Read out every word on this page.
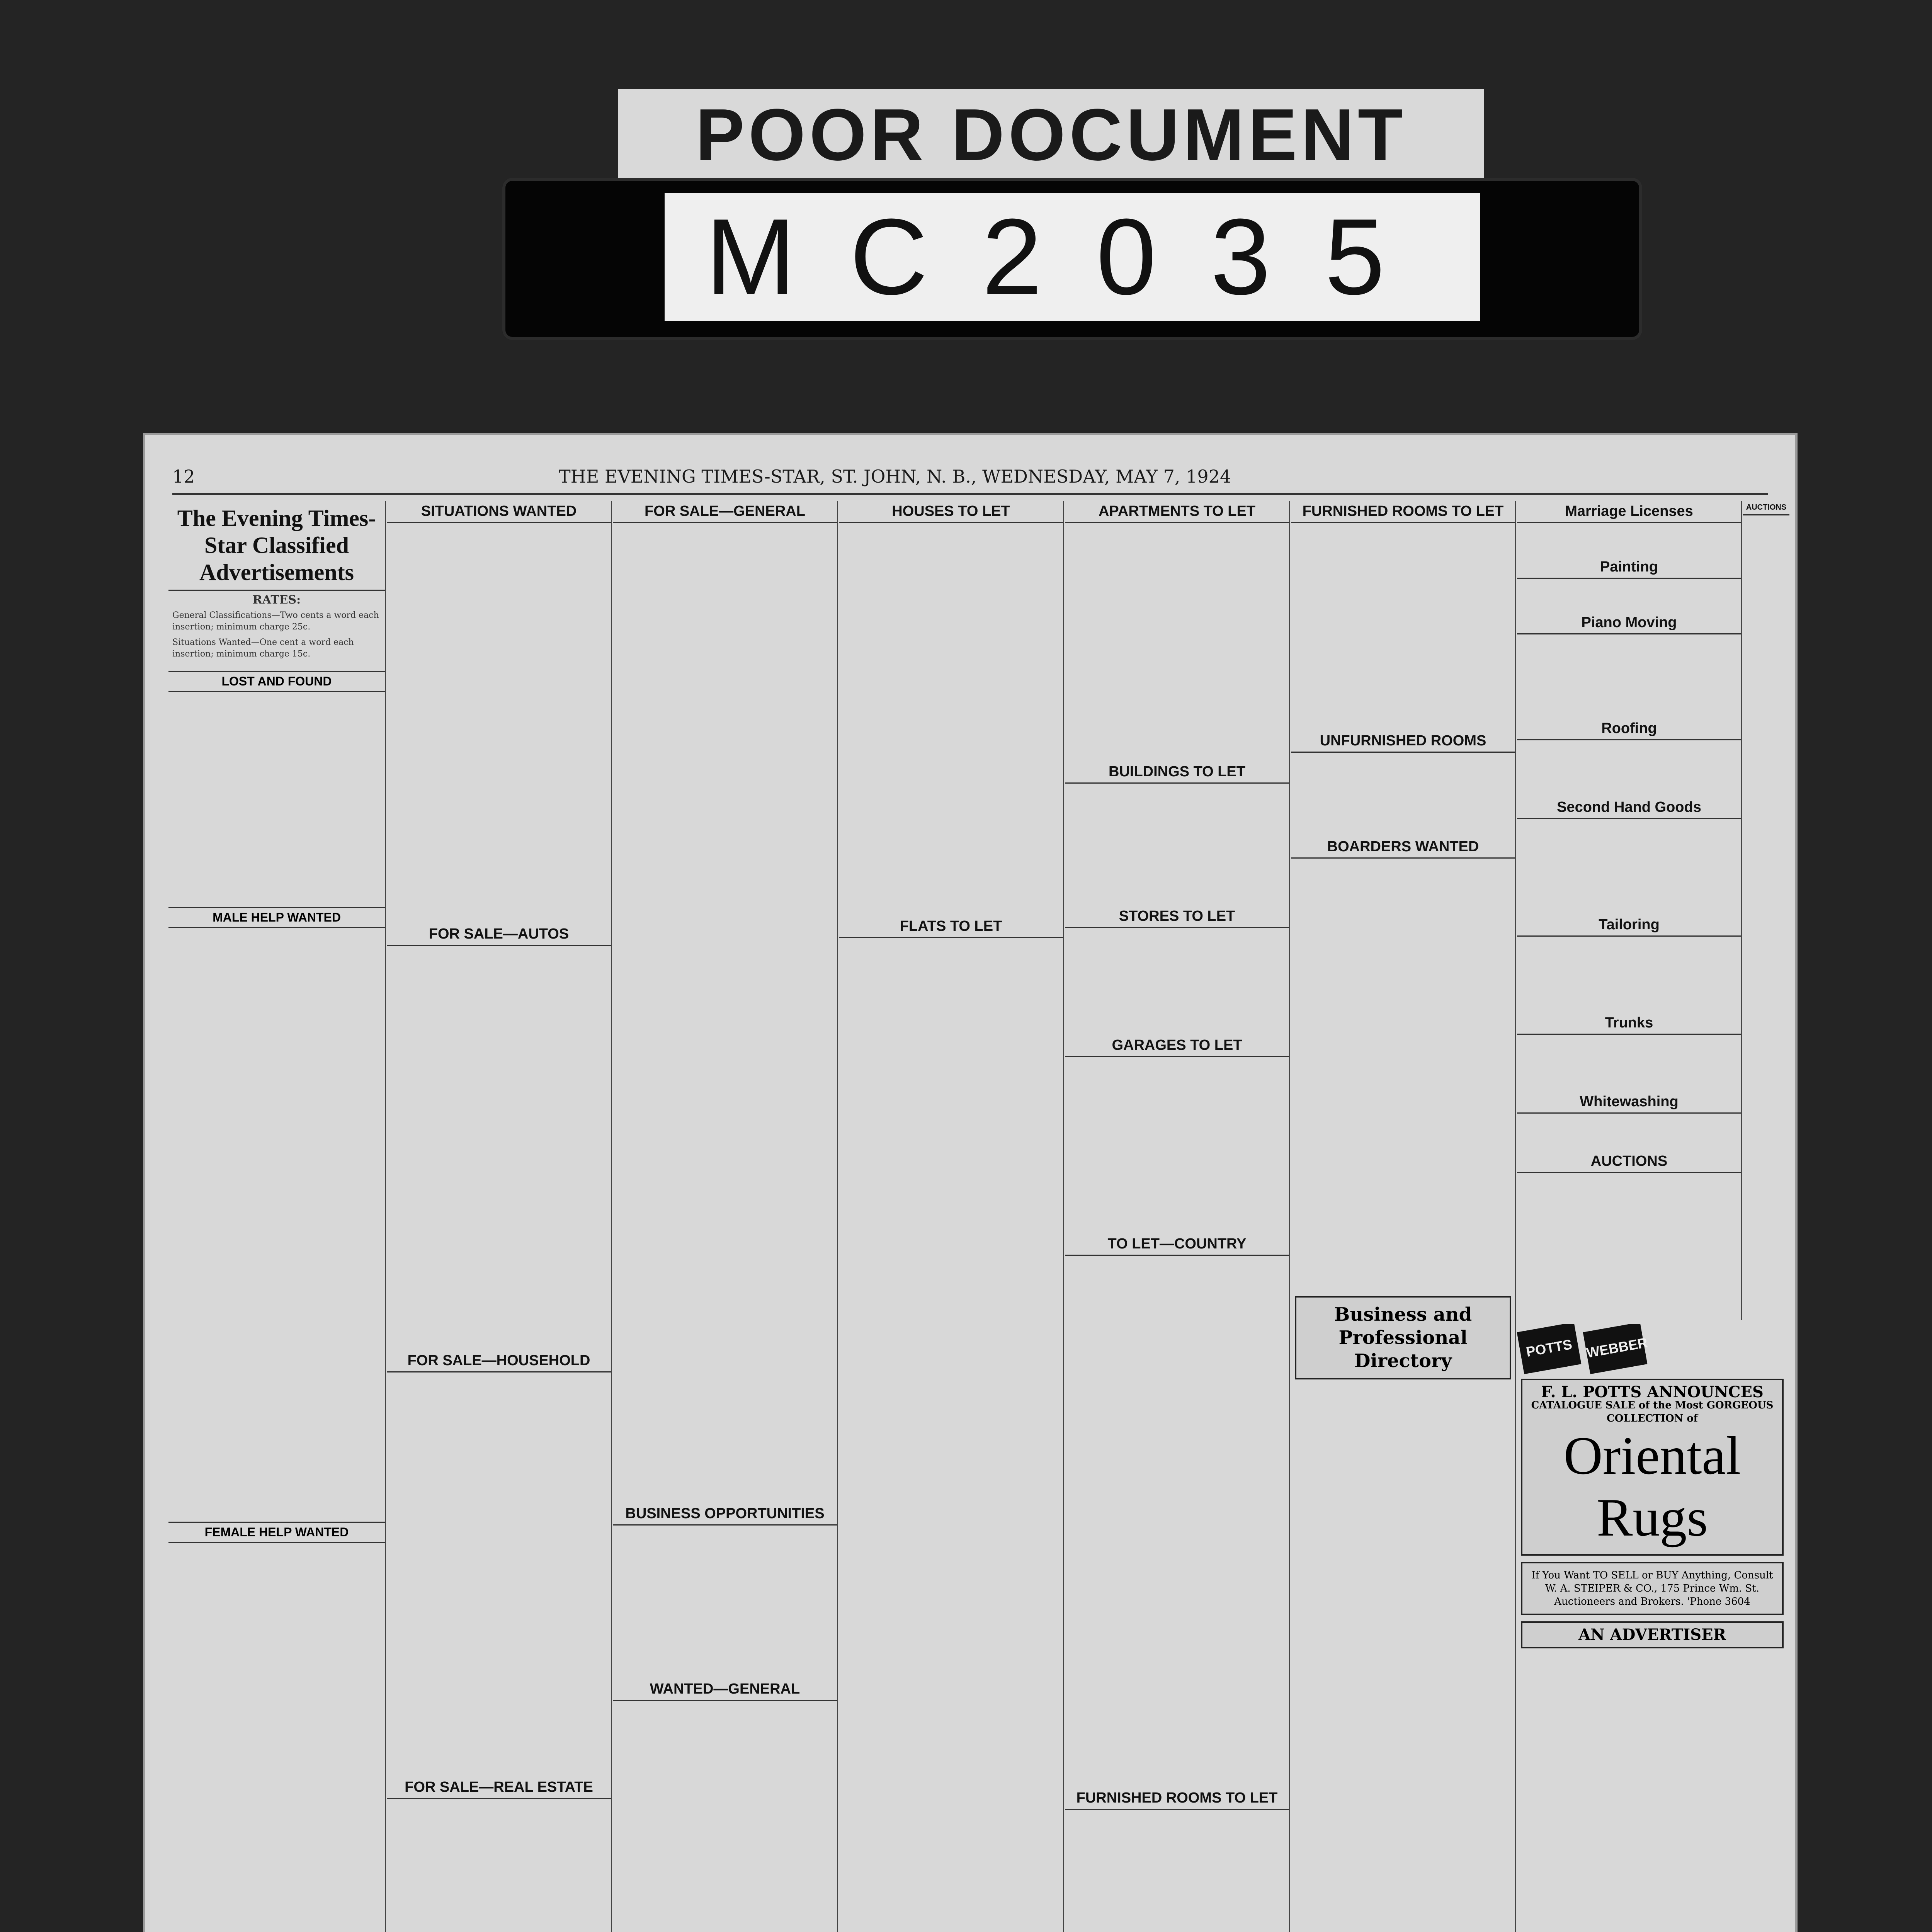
POOR DOCUMENT
MC2035
12	THE EVENING TIMES-STAR, ST. JOHN, N. B., WEDNESDAY, MAY 7, 1924
The Evening Times-Star Classified Advertisements

RATES:

General Classifications—Two cents a word each insertion; minimum charge 25c.

Situations Wanted—One cent a word each insertion; minimum charge 15c.

LOST AND FOUND
MALE HELP WANTED
FEMALE HELP WANTED
SITUATIONS WANTED
FOR SALE—AUTOS
FOR SALE—HOUSEHOLD
FOR SALE—REAL ESTATE
FOR SALE—GENERAL
BUSINESS OPPORTUNITIES
WANTED—GENERAL
HOUSES TO LET
FLATS TO LET
APARTMENTS TO LET
BUILDINGS TO LET
STORES TO LET
GARAGES TO LET
TO LET—COUNTRY
FURNISHED ROOMS TO LET
FURNISHED ROOMS TO LET
UNFURNISHED ROOMS
BOARDERS WANTED
Business and Professional Directory
Marriage Licenses
Painting
Piano Moving
Roofing
Second Hand Goods
Tailoring
Trunks
Whitewashing
AUCTIONS
AUCTIONS
POTTS WEBBER
F. L. POTTS ANNOUNCES
CATALOGUE SALE of the Most GORGEOUS COLLECTION of
Oriental Rugs
If You Want TO SELL or BUY Anything, Consult W. A. STEIPER & CO., 175 Prince Wm. St. Auctioneers and Brokers. 'Phone 3604
AN ADVERTISER
